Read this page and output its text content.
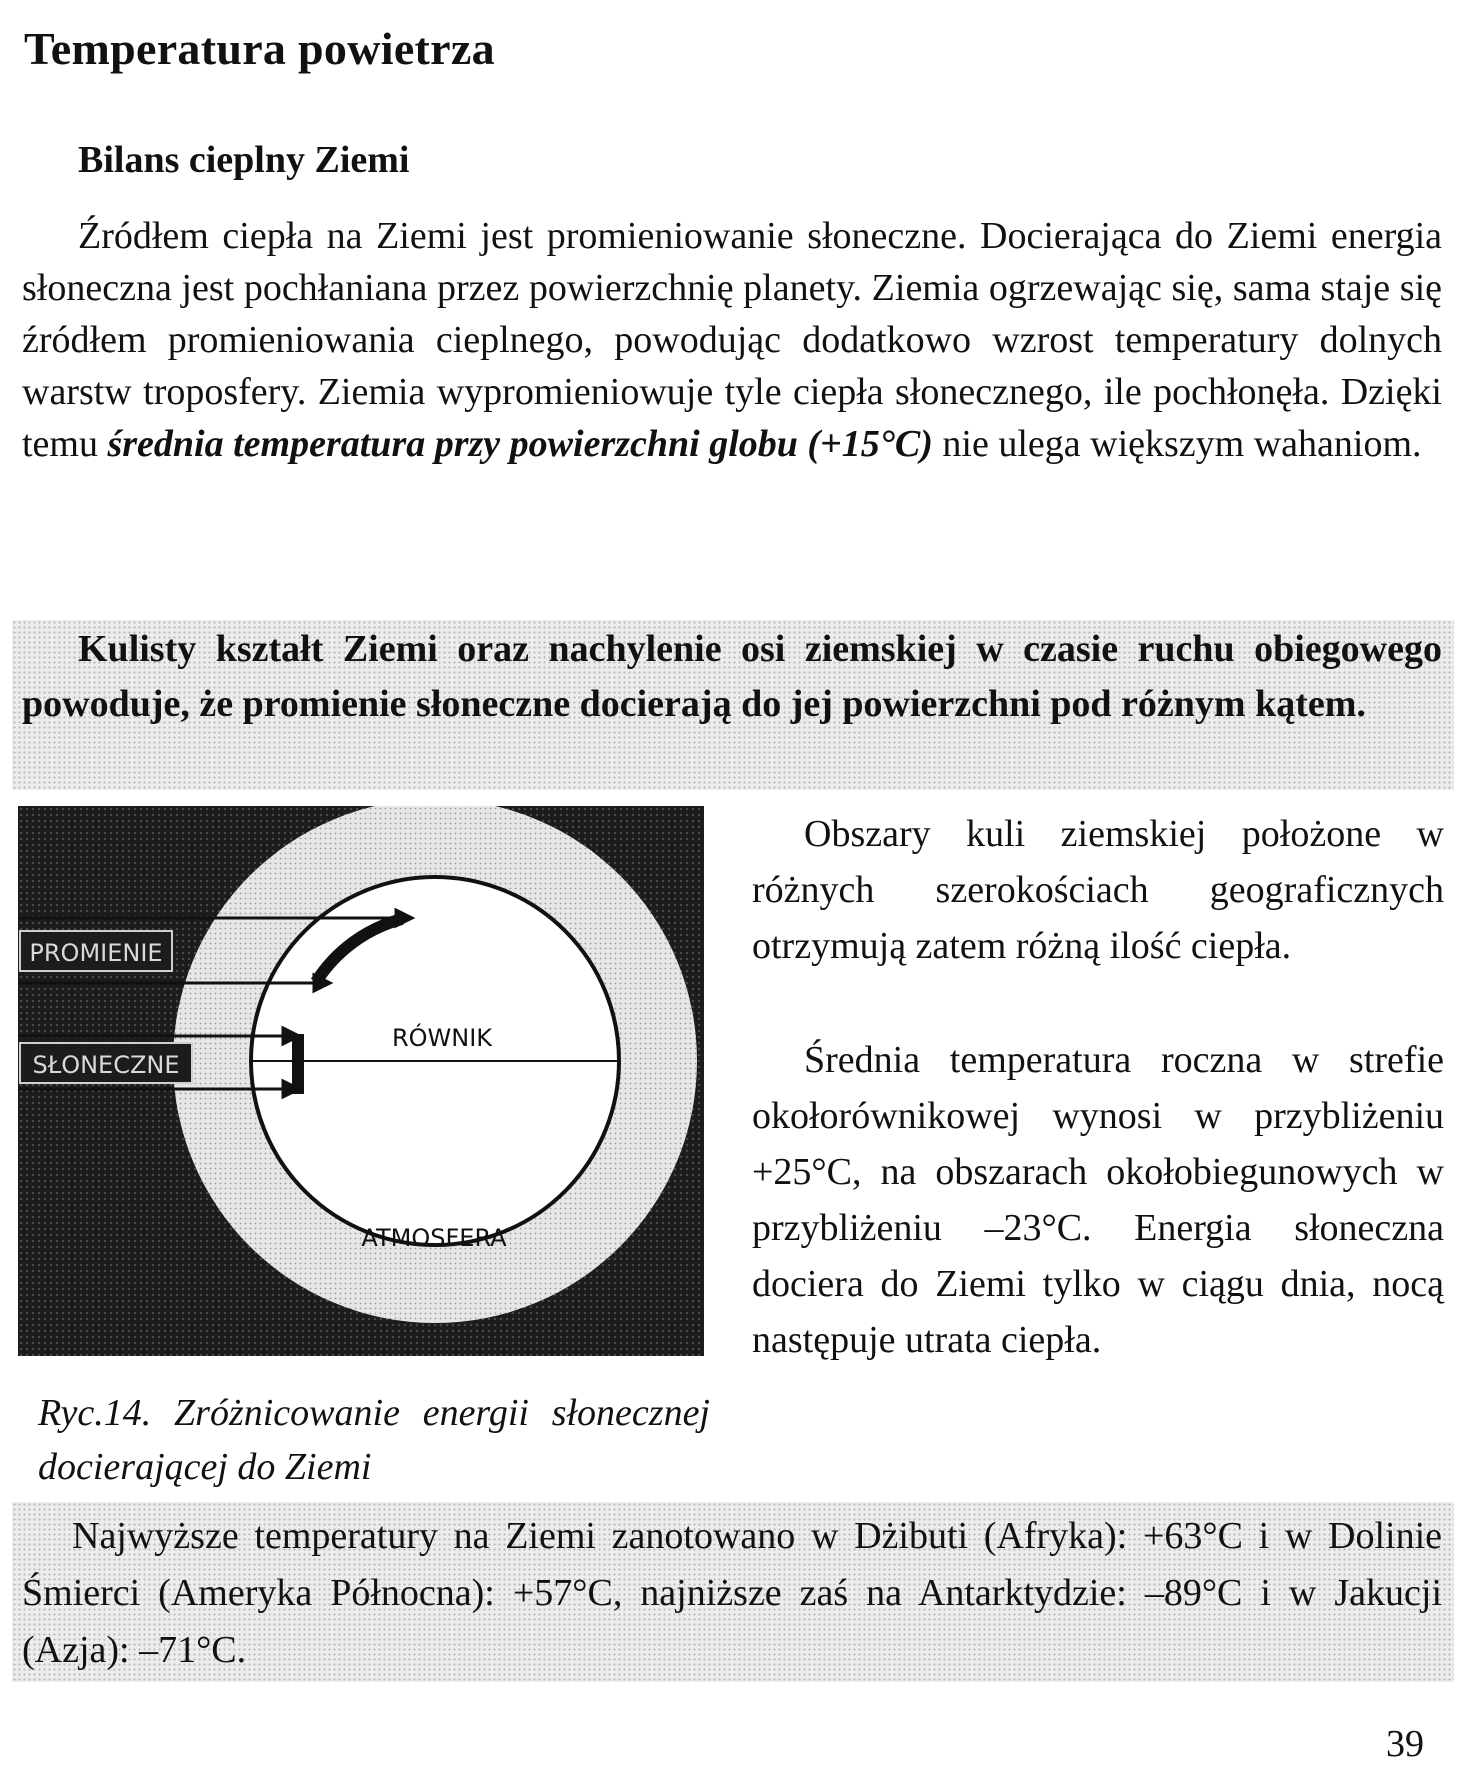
Temperatura powietrza
Bilans cieplny Ziemi

Źródłem ciepła na Ziemi jest promieniowanie słoneczne. Docierająca do Ziemi energia słoneczna jest pochłaniana przez powierzchnię planety. Ziemia ogrzewając się, sama staje się źródłem promieniowania cieplnego, powodując dodatkowo wzrost temperatury dolnych warstw troposfery. Ziemia wypromieniowuje tyle ciepła słonecznego, ile pochłonęła. Dzięki temu średnia temperatura przy powierzchni globu (+15°C) nie ulega większym wahaniom.

Kulisty kształt Ziemi oraz nachylenie osi ziemskiej w czasie ruchu obiegowego powoduje, że promienie słoneczne docierają do jej powierzchni pod różnym kątem.

PROMIENIE
SŁONECZNE
RÓWNIK
ATMOSFERA

Ryc.14. Zróżnicowanie energii słonecznej docierającej do Ziemi

Obszary kuli ziemskiej położone w różnych szerokościach geograficznych otrzymują zatem różną ilość ciepła.

Średnia temperatura roczna w strefie okołorównikowej wynosi w przybliżeniu +25°C, na obszarach okołobiegunowych w przybliżeniu –23°C. Energia słoneczna dociera do Ziemi tylko w ciągu dnia, nocą następuje utrata ciepła.

Najwyższe temperatury na Ziemi zanotowano w Dżibuti (Afryka): +63°C i w Dolinie Śmierci (Ameryka Północna): +57°C, najniższe zaś na Antarktydzie: –89°C i w Jakucji (Azja): –71°C.

39
